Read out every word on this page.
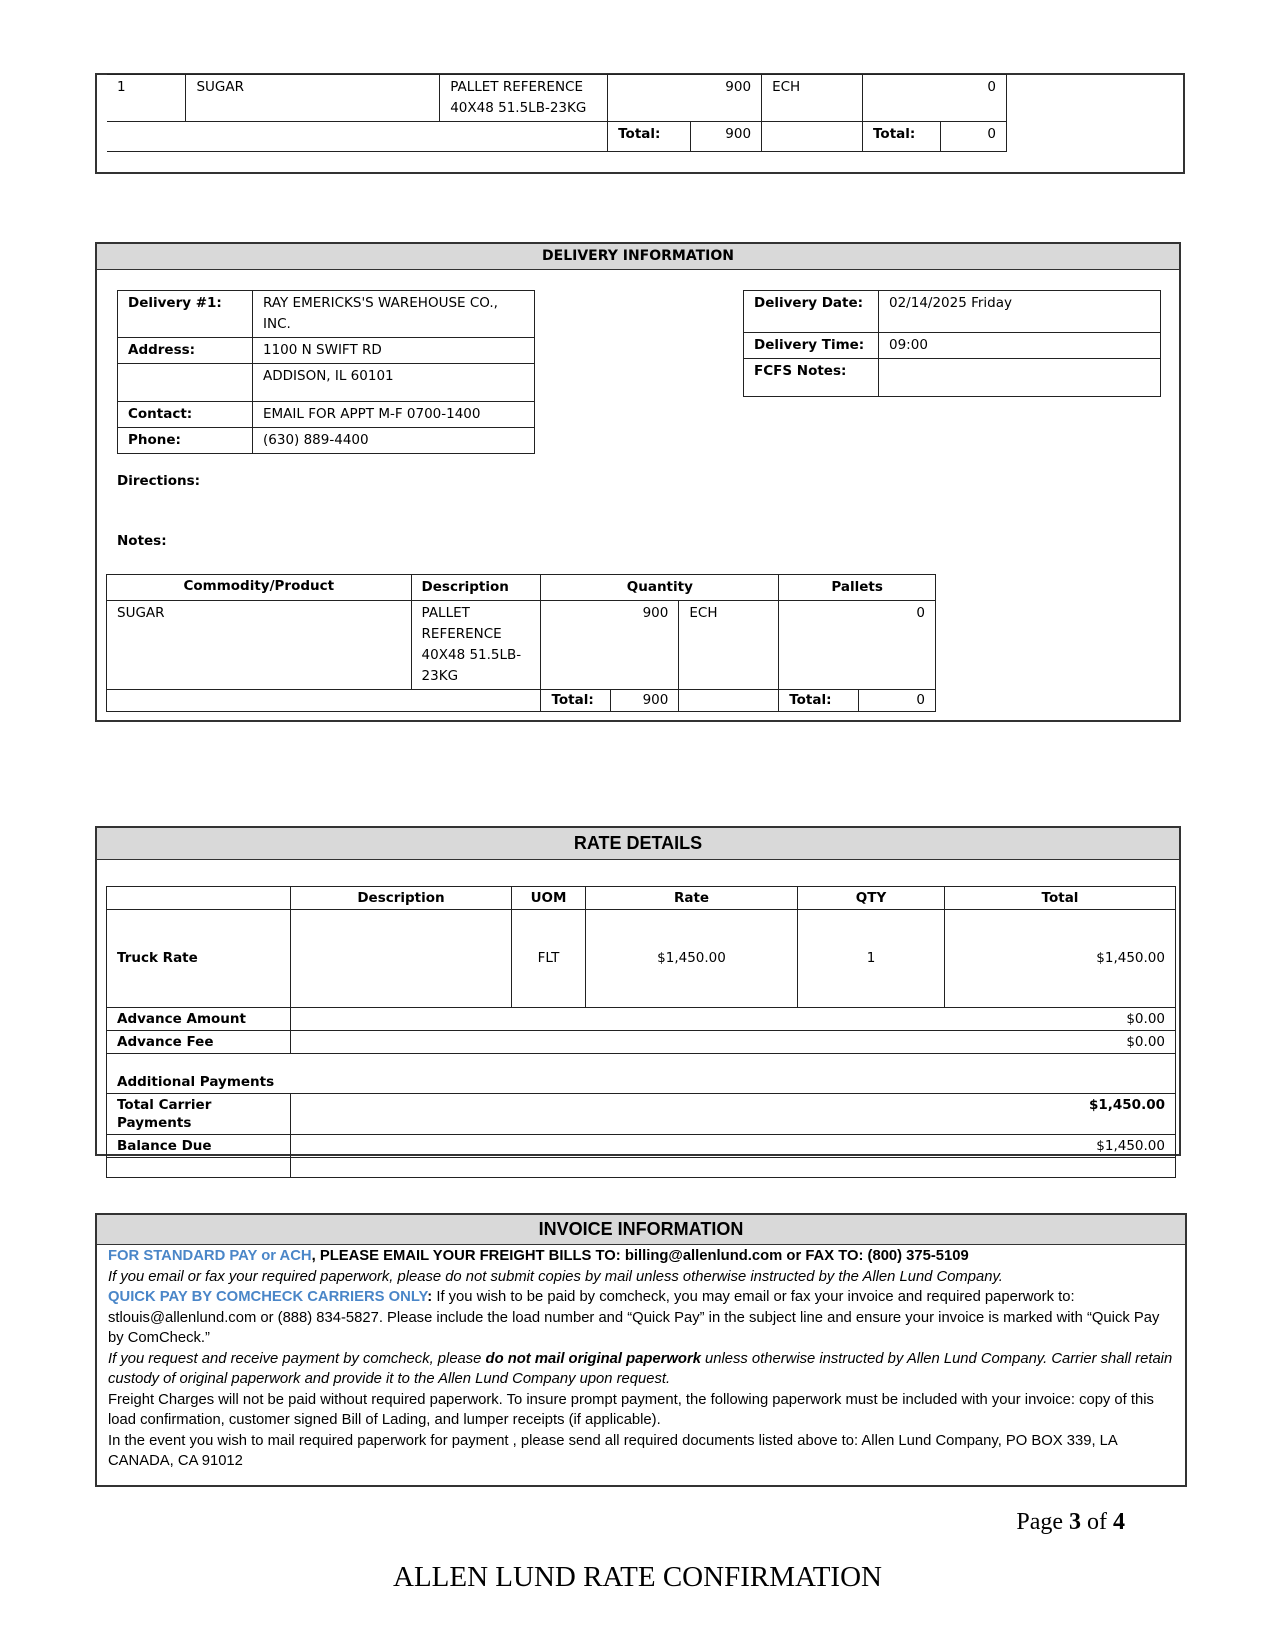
1	SUGAR	PALLET REFERENCE
40X48 51.5LB-23KG	900		ECH	0	
			Total:	900		Total:	0
DELIVERY INFORMATION
Delivery #1:	RAY EMERICKS'S WAREHOUSE CO.,
INC.
Address:	1100 N SWIFT RD
	ADDISON, IL 60101
Contact:	EMAIL FOR APPT M-F 0700-1400
Phone:	(630) 889-4400
Delivery Date:	02/14/2025 Friday
Delivery Time:	09:00
FCFS Notes:	
Directions:
Notes:
Commodity/Product	Description	Quantity			Pallets	
SUGAR	PALLET
REFERENCE
40X48 51.5LB-
23KG	900		ECH	0	
		Total:	900		Total:	0
RATE DETAILS
	Description	UOM	Rate	QTY	Total
Truck Rate		FLT	$1,450.00	1	$1,450.00
Advance Amount	$0.00				
Advance Fee	$0.00				
Additional Payments					
Total Carrier Payments	$1,450.00				
Balance Due	$1,450.00				

INVOICE INFORMATION
FOR STANDARD PAY or ACH, PLEASE EMAIL YOUR FREIGHT BILLS TO: billing@allenlund.com or FAX TO: (800) 375-5109
If you email or fax your required paperwork, please do not submit copies by mail unless otherwise instructed by the Allen Lund Company.
QUICK PAY BY COMCHECK CARRIERS ONLY: If you wish to be paid by comcheck, you may email or fax your invoice and required paperwork to: stlouis@allenlund.com or (888) 834-5827. Please include the load number and “Quick Pay” in the subject line and ensure your invoice is marked with “Quick Pay by ComCheck.”
If you request and receive payment by comcheck, please do not mail original paperwork unless otherwise instructed by Allen Lund Company. Carrier shall retain custody of original paperwork and provide it to the Allen Lund Company upon request.
Freight Charges will not be paid without required paperwork. To insure prompt payment, the following paperwork must be included with your invoice: copy of this load confirmation, customer signed Bill of Lading, and lumper receipts (if applicable).
In the event you wish to mail required paperwork for payment , please send all required documents listed above to: Allen Lund Company, PO BOX 339, LA CANADA, CA 91012
Page 3 of 4
ALLEN LUND RATE CONFIRMATION
